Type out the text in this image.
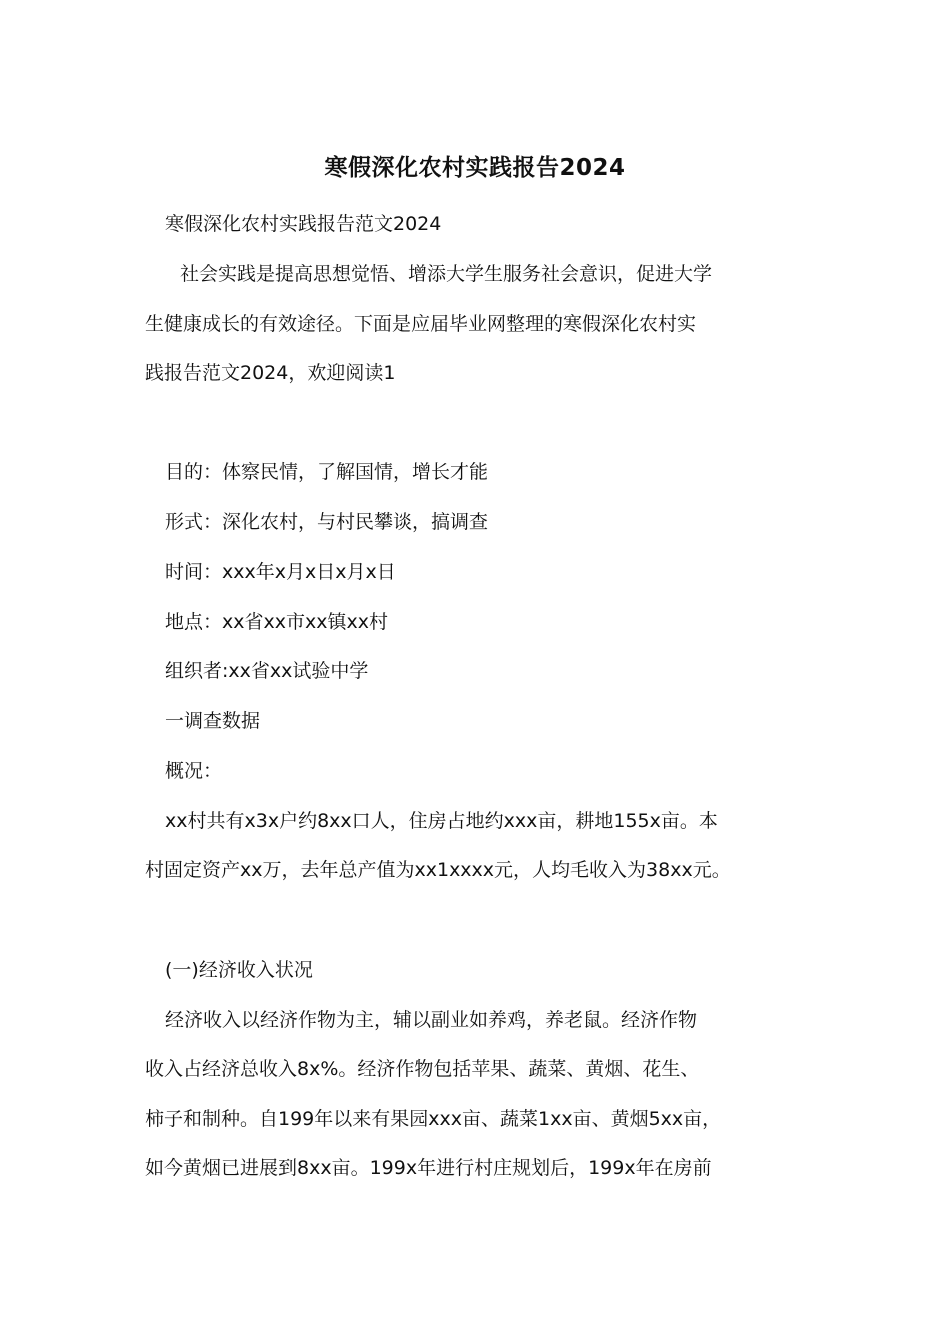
寒假深化农村实践报告2024
寒假深化农村实践报告范文2024
社会实践是提高思想觉悟、增添大学生服务社会意识，促进大学
生健康成长的有效途径。下面是应届毕业网整理的寒假深化农村实
践报告范文2024，欢迎阅读1
目的：体察民情，了解国情，增长才能
形式：深化农村，与村民攀谈，搞调查
时间：xxx年x月x日x月x日
地点：xx省xx市xx镇xx村
组织者:xx省xx试验中学
一调查数据
概况：
xx村共有x3x户约8xx口人，住房占地约xxx亩，耕地155x亩。本
村固定资产xx万，去年总产值为xx1xxxx元，人均毛收入为38xx元。
(一)经济收入状况
经济收入以经济作物为主，辅以副业如养鸡，养老鼠。经济作物
收入占经济总收入8x%。经济作物包括苹果、蔬菜、黄烟、花生、
柿子和制种。自199年以来有果园xxx亩、蔬菜1xx亩、黄烟5xx亩，
如今黄烟已进展到8xx亩。199x年进行村庄规划后，199x年在房前
